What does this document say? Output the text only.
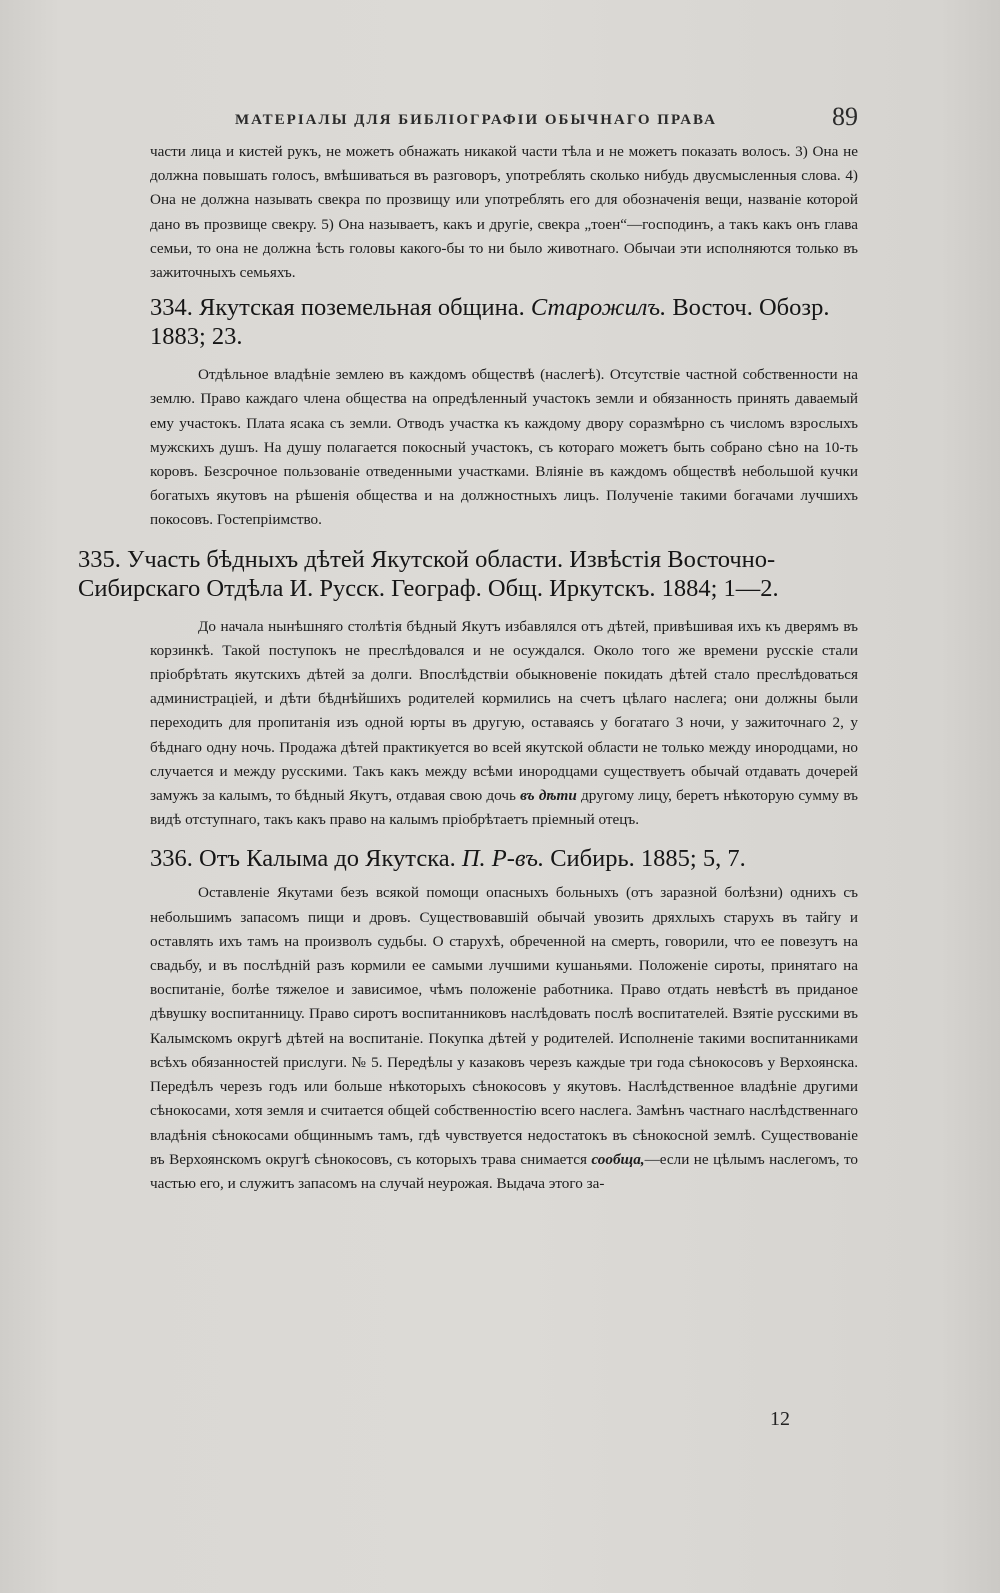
МАТЕРІАЛЫ ДЛЯ БИБЛІОГРАФІИ ОБЫЧНАГО ПРАВА	89

части лица и кистей рукъ, не можетъ обнажать никакой части тѣла и не можетъ показать волосъ. 3) Она не должна повышать голосъ, вмѣшиваться въ разговоръ, употреблять сколько нибудь двусмысленныя слова. 4) Она не должна называть свекра по прозвищу или употреблять его для обозначенія вещи, названіе которой дано въ прозвище свекру. 5) Она называетъ, какъ и другіе, свекра „тоен“—господинъ, а такъ какъ онъ глава семьи, то она не должна ѣсть головы какого-бы то ни было животнаго. Обычаи эти исполняются только въ зажиточныхъ семьяхъ.

334. Якутская поземельная община. Старожилъ. Восточ. Обозр. 1883; 23.

Отдѣльное владѣніе землею въ каждомъ обществѣ (наслегѣ). Отсутствіе частной собственности на землю. Право каждаго члена общества на опредѣленный участокъ земли и обязанность принять даваемый ему участокъ. Плата ясака съ земли. Отводъ участка къ каждому двору соразмѣрно съ числомъ взрослыхъ мужскихъ душъ. На душу полагается покосный участокъ, съ котораго можетъ быть собрано сѣно на 10-ть коровъ. Безсрочное пользованіе отведенными участками. Вліяніе въ каждомъ обществѣ небольшой кучки богатыхъ якутовъ на рѣшенія общества и на должностныхъ лицъ. Полученіе такими богачами лучшихъ покосовъ. Гостепріимство.

335. Участь бѣдныхъ дѣтей Якутской области. Извѣстія Восточно-Сибирскаго Отдѣла И. Русск. Географ. Общ. Иркутскъ. 1884; 1—2.

До начала нынѣшняго столѣтія бѣдный Якутъ избавлялся отъ дѣтей, привѣшивая ихъ къ дверямъ въ корзинкѣ. Такой поступокъ не преслѣдовался и не осуждался. Около того же времени русскіе стали пріобрѣтать якутскихъ дѣтей за долги. Впослѣдствіи обыкновеніе покидать дѣтей стало преслѣдоваться администраціей, и дѣти бѣднѣйшихъ родителей кормились на счетъ цѣлаго наслега; они должны были переходить для пропитанія изъ одной юрты въ другую, оставаясь у богатаго 3 ночи, у зажиточнаго 2, у бѣднаго одну ночь. Продажа дѣтей практикуется во всей якутской области не только между инородцами, но случается и между русскими. Такъ какъ между всѣми инородцами существуетъ обычай отдавать дочерей замужъ за калымъ, то бѣдный Якутъ, отдавая свою дочь въ дѣти другому лицу, беретъ нѣкоторую сумму въ видѣ отступнаго, такъ какъ право на калымъ пріобрѣтаетъ пріемный отецъ.

336. Отъ Калыма до Якутска. П. Р-въ. Сибирь. 1885; 5, 7.

Оставленіе Якутами безъ всякой помощи опасныхъ больныхъ (отъ заразной болѣзни) однихъ съ небольшимъ запасомъ пищи и дровъ. Существовавшій обычай увозить дряхлыхъ старухъ въ тайгу и оставлять ихъ тамъ на произволъ судьбы. О старухѣ, обреченной на смерть, говорили, что ее повезутъ на свадьбу, и въ послѣдній разъ кормили ее самыми лучшими кушаньями. Положеніе сироты, принятаго на воспитаніе, болѣе тяжелое и зависимое, чѣмъ положеніе работника. Право отдать невѣстѣ въ приданое дѣвушку воспитанницу. Право сиротъ воспитанниковъ наслѣдовать послѣ воспитателей. Взятіе русскими въ Калымскомъ округѣ дѣтей на воспитаніе. Покупка дѣтей у родителей. Исполненіе такими воспитанниками всѣхъ обязанностей прислуги. № 5. Передѣлы у казаковъ черезъ каждые три года сѣнокосовъ у Верхоянска. Передѣлъ черезъ годъ или больше нѣкоторыхъ сѣнокосовъ у якутовъ. Наслѣдственное владѣніе другими сѣнокосами, хотя земля и считается общей собственностію всего наслега. Замѣнъ частнаго наслѣдственнаго владѣнія сѣнокосами общиннымъ тамъ, гдѣ чувствуется недостатокъ въ сѣнокосной землѣ. Существованіе въ Верхоянскомъ округѣ сѣнокосовъ, съ которыхъ трава снимается сообща,—если не цѣлымъ наслегомъ, то частью его, и служитъ запасомъ на случай неурожая. Выдача этого за-

12
